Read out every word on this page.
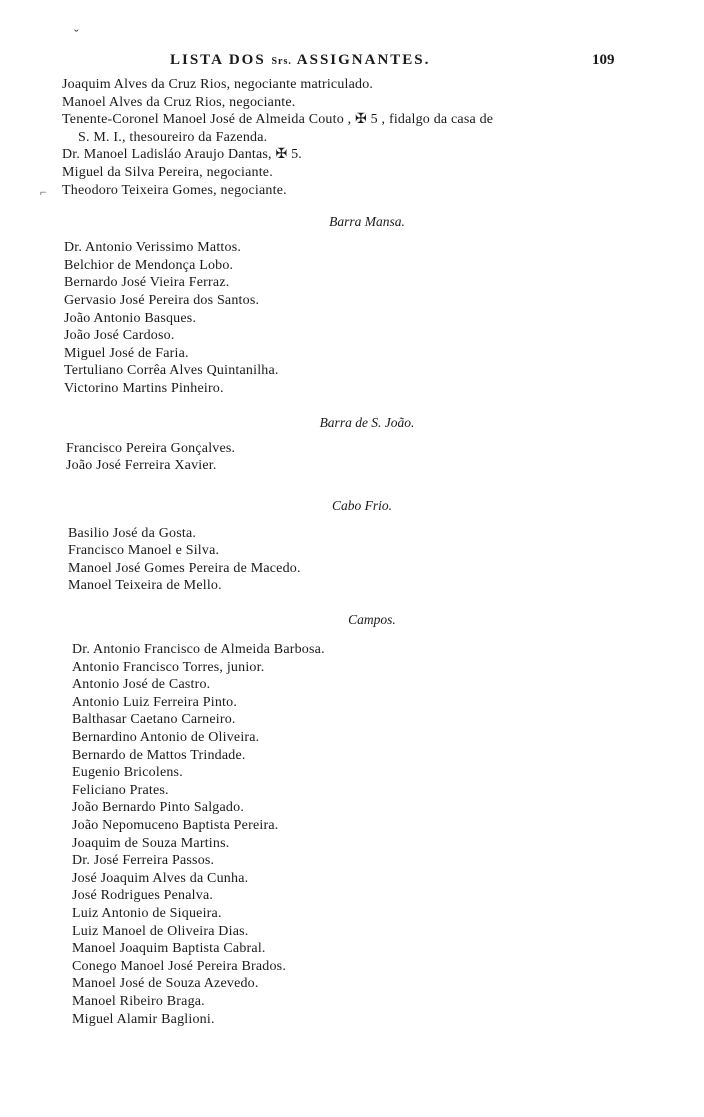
LISTA DOS Srs. ASSIGNANTES.	109
ˇ
⌐
Joaquim Alves da Cruz Rios, negociante matriculado.
Manoel Alves da Cruz Rios, negociante.
Tenente-Coronel Manoel José de Almeida Couto , ✠ 5 , fidalgo da casa de
S. M. I., thesoureiro da Fazenda.
Dr. Manoel Ladisláo Araujo Dantas, ✠ 5.
Miguel da Silva Pereira, negociante.
Theodoro Teixeira Gomes, negociante.
Barra Mansa.
Dr. Antonio Verissimo Mattos.
Belchior de Mendonça Lobo.
Bernardo José Vieira Ferraz.
Gervasio José Pereira dos Santos.
João Antonio Basques.
João José Cardoso.
Miguel José de Faria.
Tertuliano Corrêa Alves Quintanilha.
Victorino Martins Pinheiro.
Barra de S. João.
Francisco Pereira Gonçalves.
João José Ferreira Xavier.
Cabo Frio.
Basilio José da Gosta.
Francisco Manoel e Silva.
Manoel José Gomes Pereira de Macedo.
Manoel Teixeira de Mello.
Campos.
Dr. Antonio Francisco de Almeida Barbosa.
Antonio Francisco Torres, junior.
Antonio José de Castro.
Antonio Luiz Ferreira Pinto.
Balthasar Caetano Carneiro.
Bernardino Antonio de Oliveira.
Bernardo de Mattos Trindade.
Eugenio Bricolens.
Feliciano Prates.
João Bernardo Pinto Salgado.
João Nepomuceno Baptista Pereira.
Joaquim de Souza Martins.
Dr. José Ferreira Passos.
José Joaquim Alves da Cunha.
José Rodrigues Penalva.
Luiz Antonio de Siqueira.
Luiz Manoel de Oliveira Dias.
Manoel Joaquim Baptista Cabral.
Conego Manoel José Pereira Brados.
Manoel José de Souza Azevedo.
Manoel Ribeiro Braga.
Miguel Alamir Baglioni.
